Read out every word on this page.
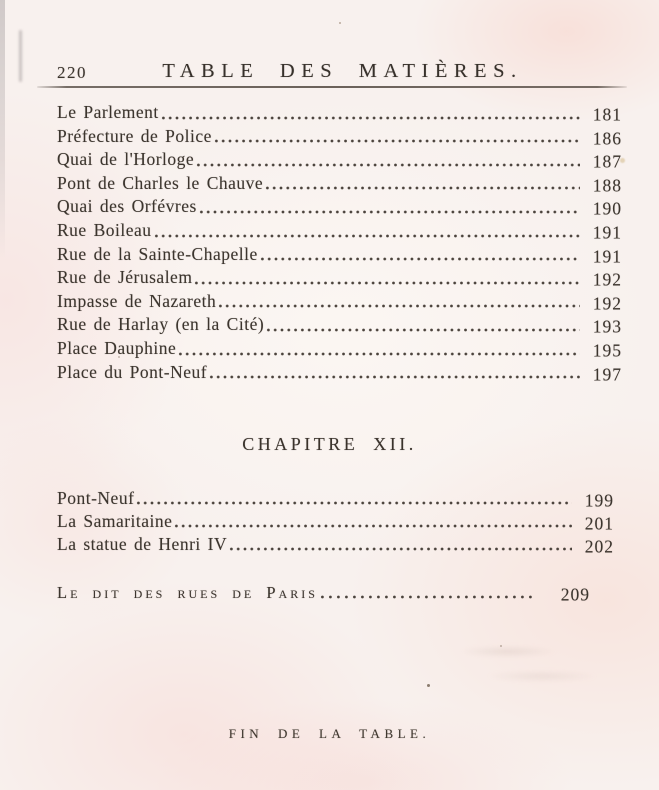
220	TABLE DES MATIÈRES.
Le Parlement	181
Préfecture de Police	186
Quai de l'Horloge	187
Pont de Charles le Chauve	188
Quai des Orfévres	190
Rue Boileau	191
Rue de la Sainte-Chapelle	191
Rue de Jérusalem	192
Impasse de Nazareth	192
Rue de Harlay (en la Cité)	193
Place Dauphine	195
Place du Pont-Neuf	197
CHAPITRE XII.
Pont-Neuf	199
La Samaritaine	201
La statue de Henri IV	202
Le dit des rues de Paris	209
FIN DE LA TABLE.
